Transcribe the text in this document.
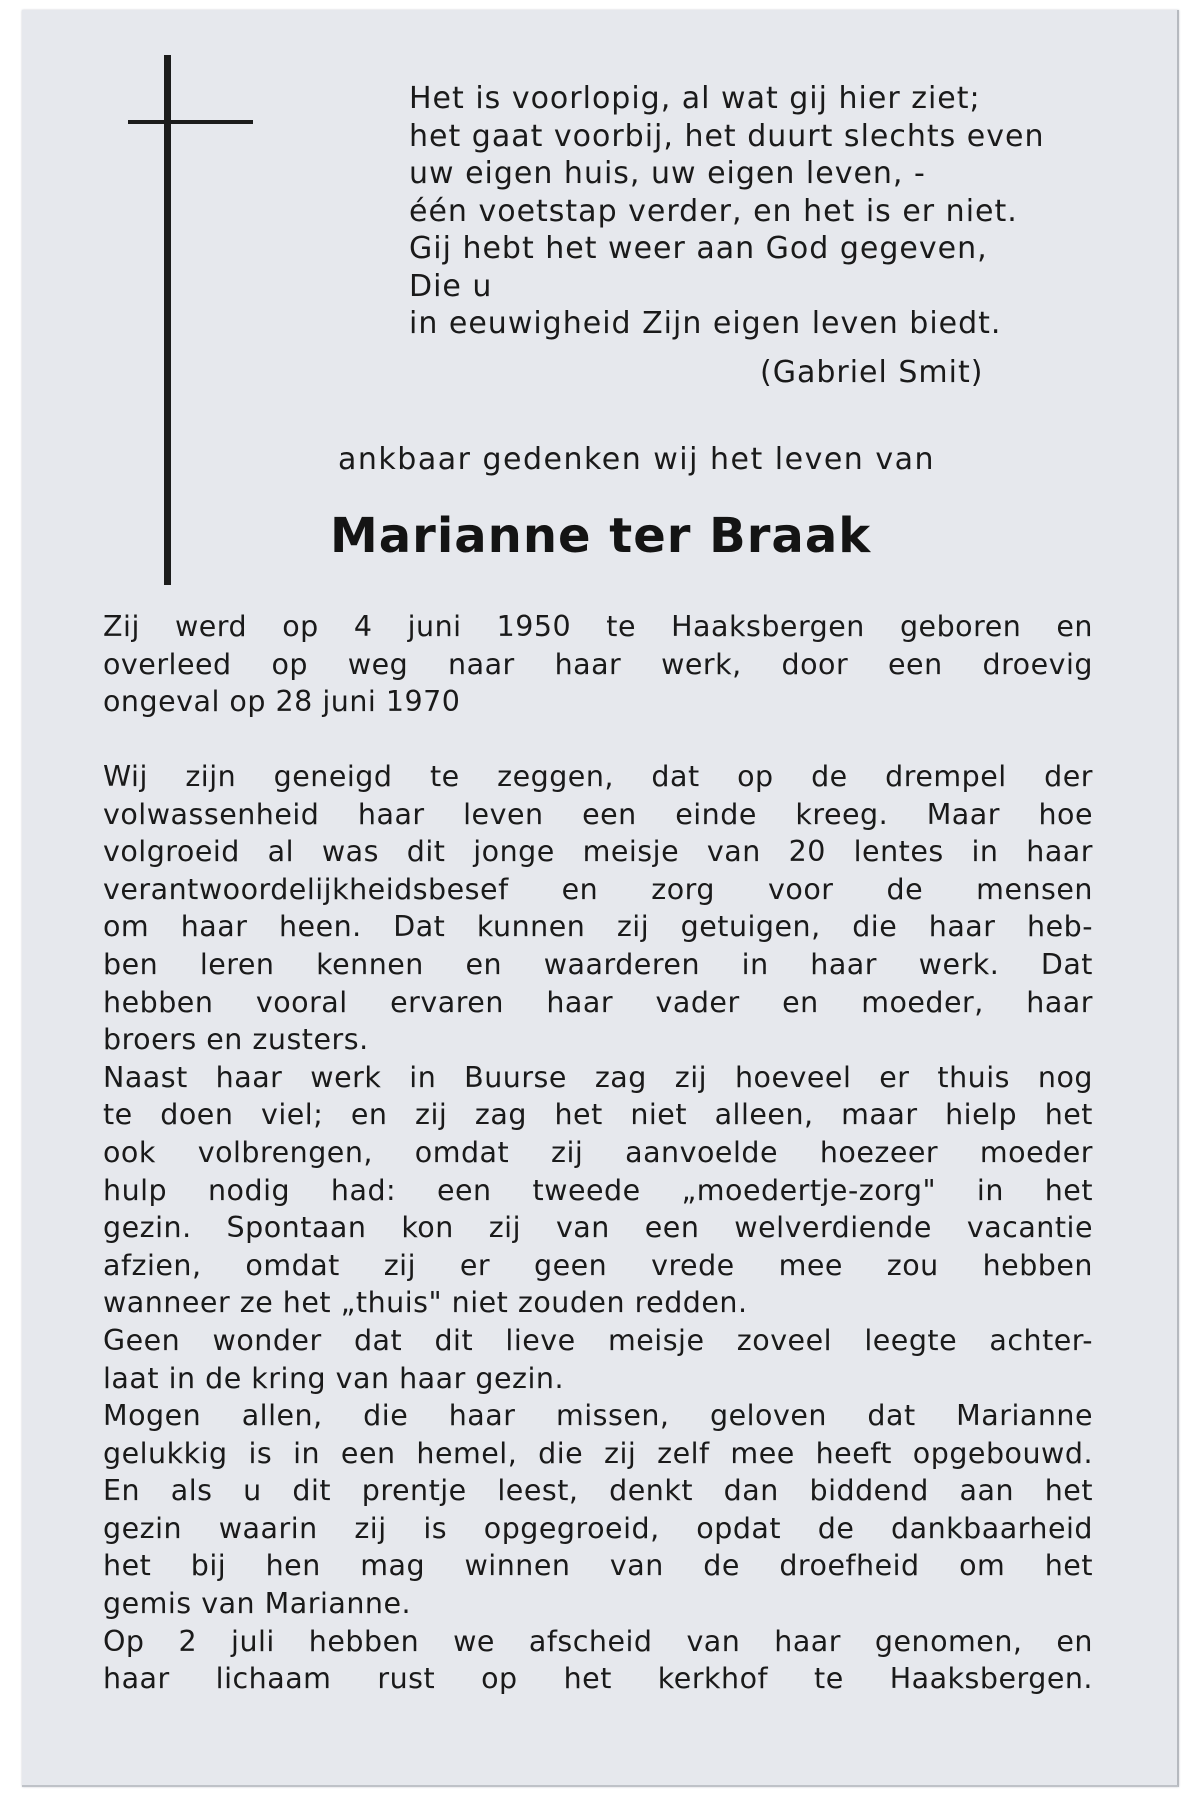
Het is voorlopig, al wat gij hier ziet;
het gaat voorbij, het duurt slechts even
uw eigen huis, uw eigen leven, -
één voetstap verder, en het is er niet.
Gij hebt het weer aan God gegeven,
Die u
in eeuwigheid Zijn eigen leven biedt.
(Gabriel Smit)
ankbaar gedenken wij het leven van
Marianne ter Braak
Zij werd op 4 juni 1950 te Haaksbergen geboren en
overleed op weg naar haar werk, door een droevig
ongeval op 28 juni 1970
Wij zijn geneigd te zeggen, dat op de drempel der
volwassenheid haar leven een einde kreeg. Maar hoe
volgroeid al was dit jonge meisje van 20 lentes in haar
verantwoordelijkheidsbesef en zorg voor de mensen
om haar heen. Dat kunnen zij getuigen, die haar heb-
ben leren kennen en waarderen in haar werk. Dat
hebben vooral ervaren haar vader en moeder, haar
broers en zusters.
Naast haar werk in Buurse zag zij hoeveel er thuis nog
te doen viel; en zij zag het niet alleen, maar hielp het
ook volbrengen, omdat zij aanvoelde hoezeer moeder
hulp nodig had: een tweede „moedertje-zorg" in het
gezin. Spontaan kon zij van een welverdiende vacantie
afzien, omdat zij er geen vrede mee zou hebben
wanneer ze het „thuis" niet zouden redden.
Geen wonder dat dit lieve meisje zoveel leegte achter-
laat in de kring van haar gezin.
Mogen allen, die haar missen, geloven dat Marianne
gelukkig is in een hemel, die zij zelf mee heeft opgebouwd.
En als u dit prentje leest, denkt dan biddend aan het
gezin waarin zij is opgegroeid, opdat de dankbaarheid
het bij hen mag winnen van de droefheid om het
gemis van Marianne.
Op 2 juli hebben we afscheid van haar genomen, en
haar lichaam rust op het kerkhof te Haaksbergen.
